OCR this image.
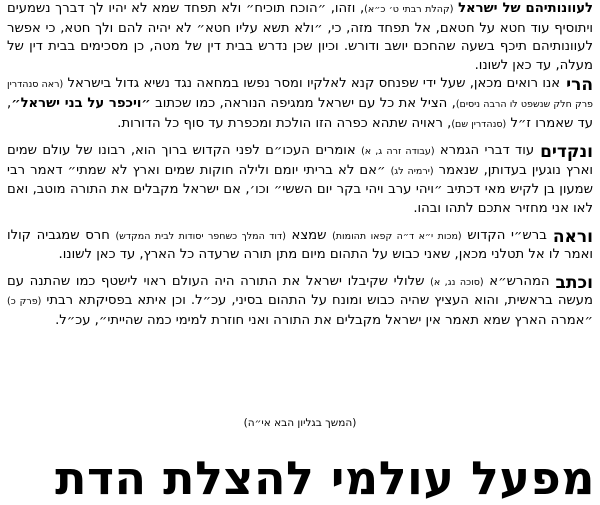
לעוונותיהם של ישראל (קהלת רבתי ט׳ כ״א), וזהו, ״הוכח תוכיח״ ולא תפחד שמא לא יהיו לך דברך נשמעים ויתוסיף עוד חטא על חטאם, אל תפחד מזה, כי, ״ולא תשא עליו חטא״ לא יהיה להם ולך חטא, כי אפשר לעוונותיהם תיכף בשעה שהחכם יושב ודורש. וכיון שכן נדרש בבית דין של מטה, כן מסכימים בבית דין של מעלה, עד כאן לשונו.

הרי
אנו רואים מכאן, שעל ידי שפנחס קנא לאלקיו ומסר נפשו במחאה נגד נשיא גדול בישראל (ראה סנהדרין פרק חלק שנשפט לו הרבה ניסים), הציל את כל עם ישראל ממגיפה הנוראה, כמו שכתוב ״ויכפר על בני ישראל״, עד שאמרו ז״ל (סנהדרין שם), ראויה שתהא כפרה הזו הולכת ומכפרת עד סוף כל הדורות.

ונקדים
עוד דברי הגמרא (עבודה זרה ג, א) אומרים העכו״ם לפני הקדוש ברוך הוא, רבונו של עולם שמים וארץ נוגעין בעדותן, שנאמר (ירמיה לג) ״אם לא בריתי יומם ולילה חוקות שמים וארץ לא שמתי״ דאמר רבי שמעון בן לקיש מאי דכתיב ״ויהי ערב ויהי בקר יום הששי״ וכו׳, אם ישראל מקבלים את התורה מוטב, ואם לאו אני מחזיר אתכם לתהו ובהו.

וראה
ברש״י הקדוש (מכות י״א ד״ה קפאו תהומות) שמצא (דוד המלך כשחפר יסודות לבית המקדש) חרס שמגביה קולו ואמר לו אל תטלני מכאן, שאני כבוש על התהום מיום מתן תורה שרעדה כל הארץ, עד כאן לשונו.

וכתב
המהרש״א (סוכה נג, א) שלולי שקיבלו ישראל את התורה היה העולם ראוי לישטף כמו שהתנה עם מעשה בראשית, והוא העציץ שהיה כבוש ומונח על התהום בסיני, עכ״ל. וכן איתא בפסיקתא רבתי (פרק כ) ״אמרה הארץ שמא תאמר אין ישראל מקבלים את התורה ואני חוזרת למימי כמה שהייתי״, עכ״ל.

(המשך בגליון הבא אי״ה)
מפעל עולמי להצלת הדת
